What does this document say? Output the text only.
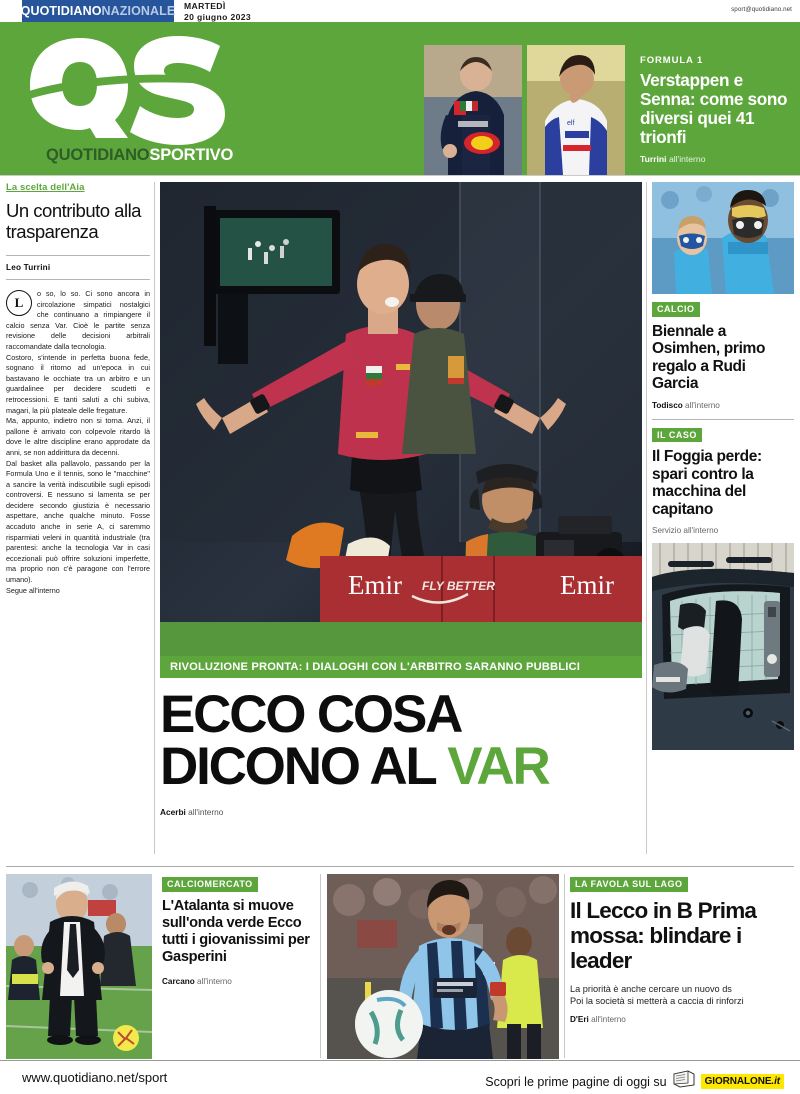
QUOTIDIANO NAZIONALE MARTEDÌ
20 giugno 2023
sport@quotidiano.net
QUOTIDIANOSPORTIVO
elf
FORMULA 1
Verstappen e Senna: come sono diversi quei 41 trionfi
Turrini all'interno
La scelta dell'Aia
Un contributo alla trasparenza
Leo Turrini
L

o so, lo so. Ci sono ancora in circolazione simpatici nostalgici che continuano a rimpiangere il calcio senza Var. Cioè le partite senza revisione delle decisioni arbitrali raccomandate dalla tecnologia.

Costoro, s'intende in perfetta buona fede, sognano il ritorno ad un'epoca in cui bastavano le occhiate tra un arbitro e un guardalinee per decidere scudetti e retrocessioni. E tanti saluti a chi subiva, magari, la più plateale delle fregature.

Ma, appunto, indietro non si torna. Anzi, il pallone è arrivato con colpevole ritardo là dove le altre discipline erano approdate da anni, se non addirittura da decenni.

Dal basket alla pallavolo, passando per la Formula Uno e il tennis, sono le "macchine" a sancire la verità indiscutibile sugli episodi controversi. E nessuno si lamenta se per decidere secondo giustizia è necessario aspettare, anche qualche minuto. Fosse accaduto anche in serie A, ci saremmo risparmiati veleni in quantità industriale (tra parentesi: anche la tecnologia Var in casi eccezionali può offrire soluzioni imperfette, ma proprio non c'è paragone con l'errore umano).

Segue all'interno	Emir	Emir
FLY BETTER
RIVOLUZIONE PRONTA: I DIALOGHI CON L'ARBITRO SARANNO PUBBLICI
ECCO COSA DICONO AL VAR
Acerbi all'interno
CALCIO
Biennale a Osimhen, primo regalo a Rudi Garcia
Todisco all'interno
IL CASO
Il Foggia perde: spari contro la macchina del capitano
Servizio all'interno
CALCIOMERCATO
L'Atalanta si muove sull'onda verde Ecco tutti i giovanissimi per Gasperini
Carcano all'interno
LA FAVOLA SUL LAGO
Il Lecco in B Prima mossa: blindare i leader
La priorità è anche cercare un nuovo ds
Poi la società si metterà a caccia di rinforzi
D'Eri all'interno
www.quotidiano.net/sport	Scopri le prime pagine di oggi su	GIORNALONE.it
